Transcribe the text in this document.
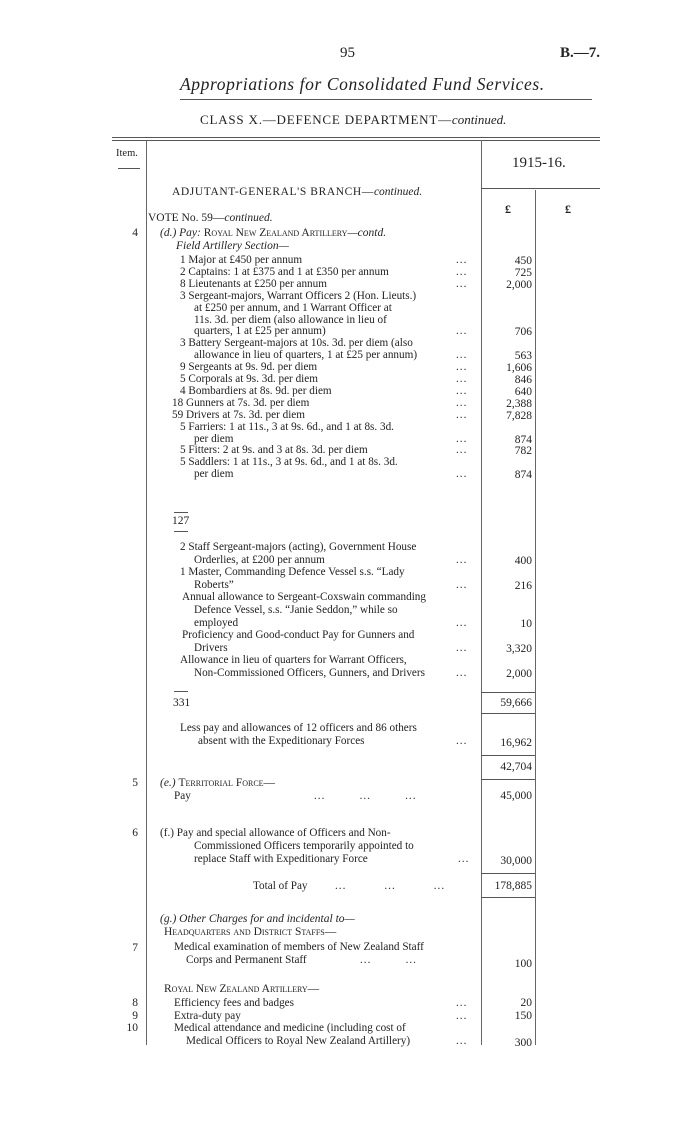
95	B.—7.
Appropriations for Consolidated Fund Services.
CLASS X.—DEFENCE DEPARTMENT—continued.
Item.
1915-16.
£	£
ADJUTANT-GENERAL'S BRANCH—continued.
VOTE No. 59—continued.
4 (d.) Pay: Royal New Zealand Artillery—contd.
Field Artillery Section—
1 Major at £450 per annum	...	450
2 Captains: 1 at £375 and 1 at £350 per annum	...	725
8 Lieutenants at £250 per annum	...	2,000
3 Sergeant-majors, Warrant Officers 2 (Hon. Lieuts.)
at £250 per annum, and 1 Warrant Officer at
11s. 3d. per diem (also allowance in lieu of
quarters, 1 at £25 per annum)	...	706
3 Battery Sergeant-majors at 10s. 3d. per diem (also
allowance in lieu of quarters, 1 at £25 per annum)	...	563
9 Sergeants at 9s. 9d. per diem	...	1,606
5 Corporals at 9s. 3d. per diem	...	846
4 Bombardiers at 8s. 9d. per diem	...	640
18 Gunners at 7s. 3d. per diem	...	2,388
59 Drivers at 7s. 3d. per diem	...	7,828
5 Farriers: 1 at 11s., 3 at 9s. 6d., and 1 at 8s. 3d.
per diem	...	874
5 Fitters: 2 at 9s. and 3 at 8s. 3d. per diem	...	782
5 Saddlers: 1 at 11s., 3 at 9s. 6d., and 1 at 8s. 3d.
per diem	...	874
127
2 Staff Sergeant-majors (acting), Government House
Orderlies, at £200 per annum	...	400
1 Master, Commanding Defence Vessel s.s. “Lady
Roberts”	...	216
Annual allowance to Sergeant-Coxswain commanding
Defence Vessel, s.s. “Janie Seddon,” while so
employed	...	10
Proficiency and Good-conduct Pay for Gunners and
Drivers	...	3,320
Allowance in lieu of quarters for Warrant Officers,
Non-Commissioned Officers, Gunners, and Drivers	...	2,000
331	59,666
Less pay and allowances of 12 officers and 86 others
absent with the Expeditionary Forces	...	16,962
42,704
5 (e.) Territorial Force—
Pay	...         ...         ...	45,000
6 (f.) Pay and special allowance of Officers and Non-
Commissioned Officers temporarily appointed to
replace Staff with Expeditionary Force	...	30,000
Total of Pay ...          ...          ...	178,885
(g.) Other Charges for and incidental to—
Headquarters and District Staffs—
7	Medical examination of members of New Zealand Staff
Corps and Permanent Staff	...         ...	100
Royal New Zealand Artillery—
8	Efficiency fees and badges	...	20
9	Extra-duty pay	...	150
10	Medical attendance and medicine (including cost of
Medical Officers to Royal New Zealand Artillery)	...	300
